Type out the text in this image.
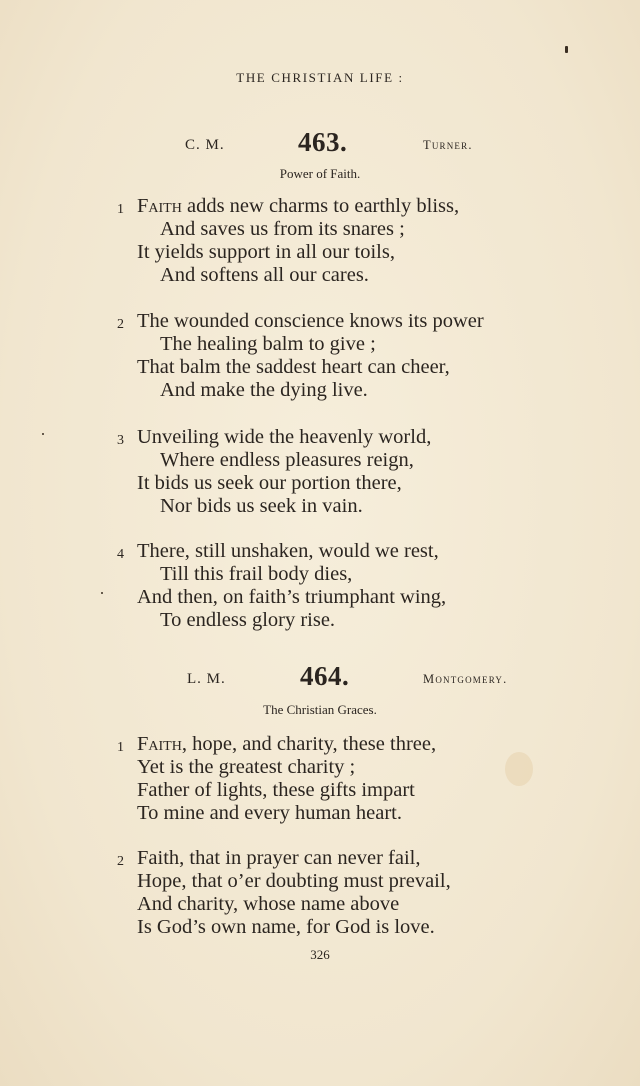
THE CHRISTIAN LIFE :
C. M.	463.	Turner.
Power of Faith.
1 Faith adds new charms to earthly bliss,
And saves us from its snares ;
It yields support in all our toils,
And softens all our cares.
2 The wounded conscience knows its power
The healing balm to give ;
That balm the saddest heart can cheer,
And make the dying live.
3 Unveiling wide the heavenly world,
Where endless pleasures reign,
It bids us seek our portion there,
Nor bids us seek in vain.
4 There, still unshaken, would we rest,
Till this frail body dies,
And then, on faith’s triumphant wing,
To endless glory rise.
L. M.	464.	Montgomery.
The Christian Graces.
1 Faith, hope, and charity, these three,
Yet is the greatest charity ;
Father of lights, these gifts impart
To mine and every human heart.
2 Faith, that in prayer can never fail,
Hope, that o’er doubting must prevail,
And charity, whose name above
Is God’s own name, for God is love.
326
